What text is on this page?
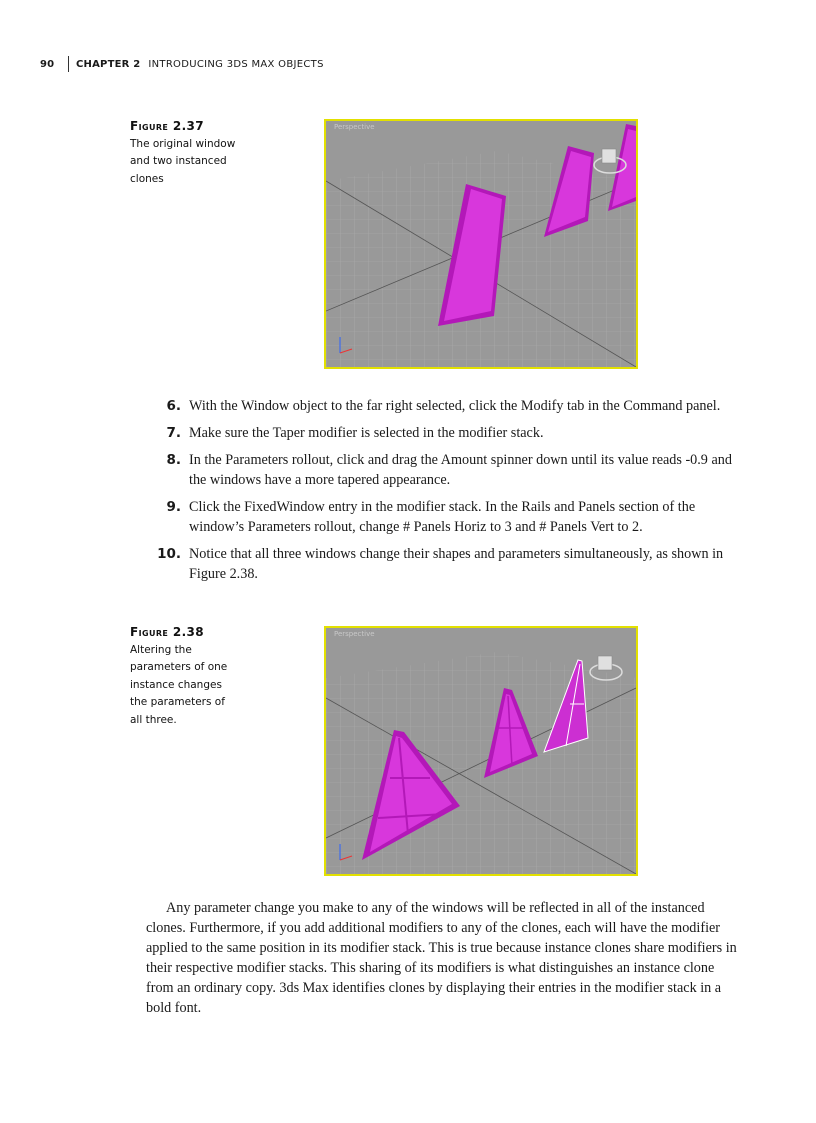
90	CHAPTER 2 INTRODUCING 3DS MAX OBJECTS
Figure 2.37
The original window and two instanced clones
Perspective
6. With the Window object to the far right selected, click the Modify tab in the Command panel.
7. Make sure the Taper modifier is selected in the modifier stack.
8. In the Parameters rollout, click and drag the Amount spinner down until its value reads -0.9 and the windows have a more tapered appearance.
9. Click the FixedWindow entry in the modifier stack. In the Rails and Panels section of the window’s Parameters rollout, change # Panels Horiz to 3 and # Panels Vert to 2.
10. Notice that all three windows change their shapes and parameters simultaneously, as shown in Figure 2.38.
Figure 2.38
Altering the parameters of one instance changes the parameters of all three.
Perspective

Any parameter change you make to any of the windows will be reflected in all of the instanced clones. Furthermore, if you add additional modifiers to any of the clones, each will have the modifier applied to the same position in its modifier stack. This is true because instance clones share modifiers in their respective modifier stacks. This sharing of its modifiers is what distinguishes an instance clone from an ordinary copy. 3ds Max identifies clones by displaying their entries in the modifier stack in a bold font.
